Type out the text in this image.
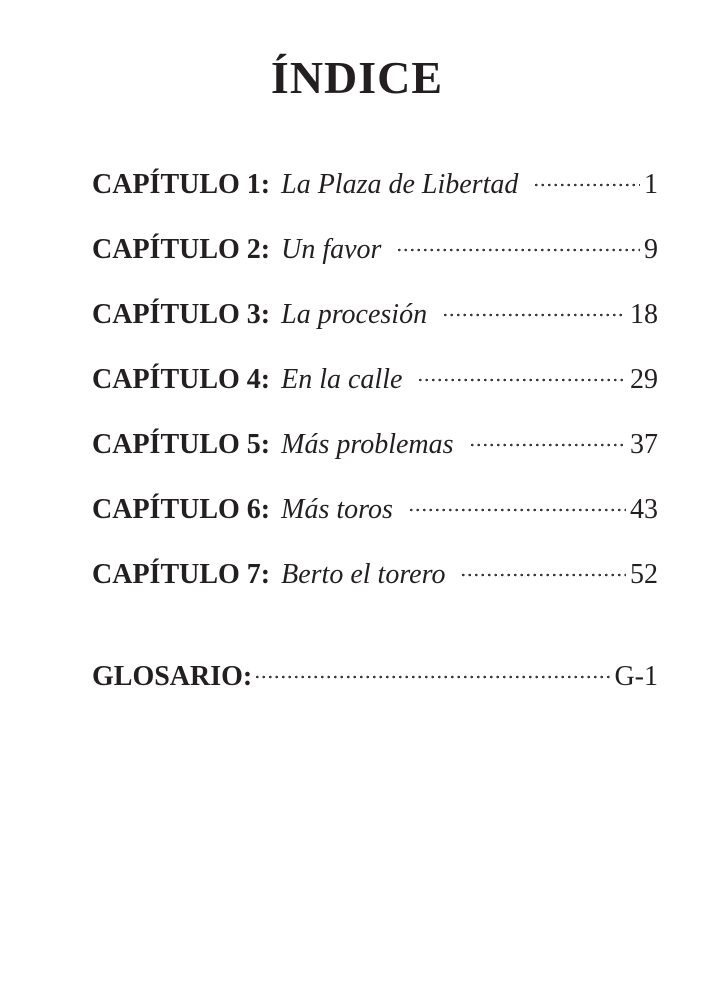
ÍNDICE
CAPÍTULO 1: La Plaza de Libertad	1
CAPÍTULO 2: Un favor	9
CAPÍTULO 3: La procesión	18
CAPÍTULO 4: En la calle	29
CAPÍTULO 5: Más problemas	37
CAPÍTULO 6: Más toros	43
CAPÍTULO 7: Berto el torero	52
GLOSARIO:	G-1
